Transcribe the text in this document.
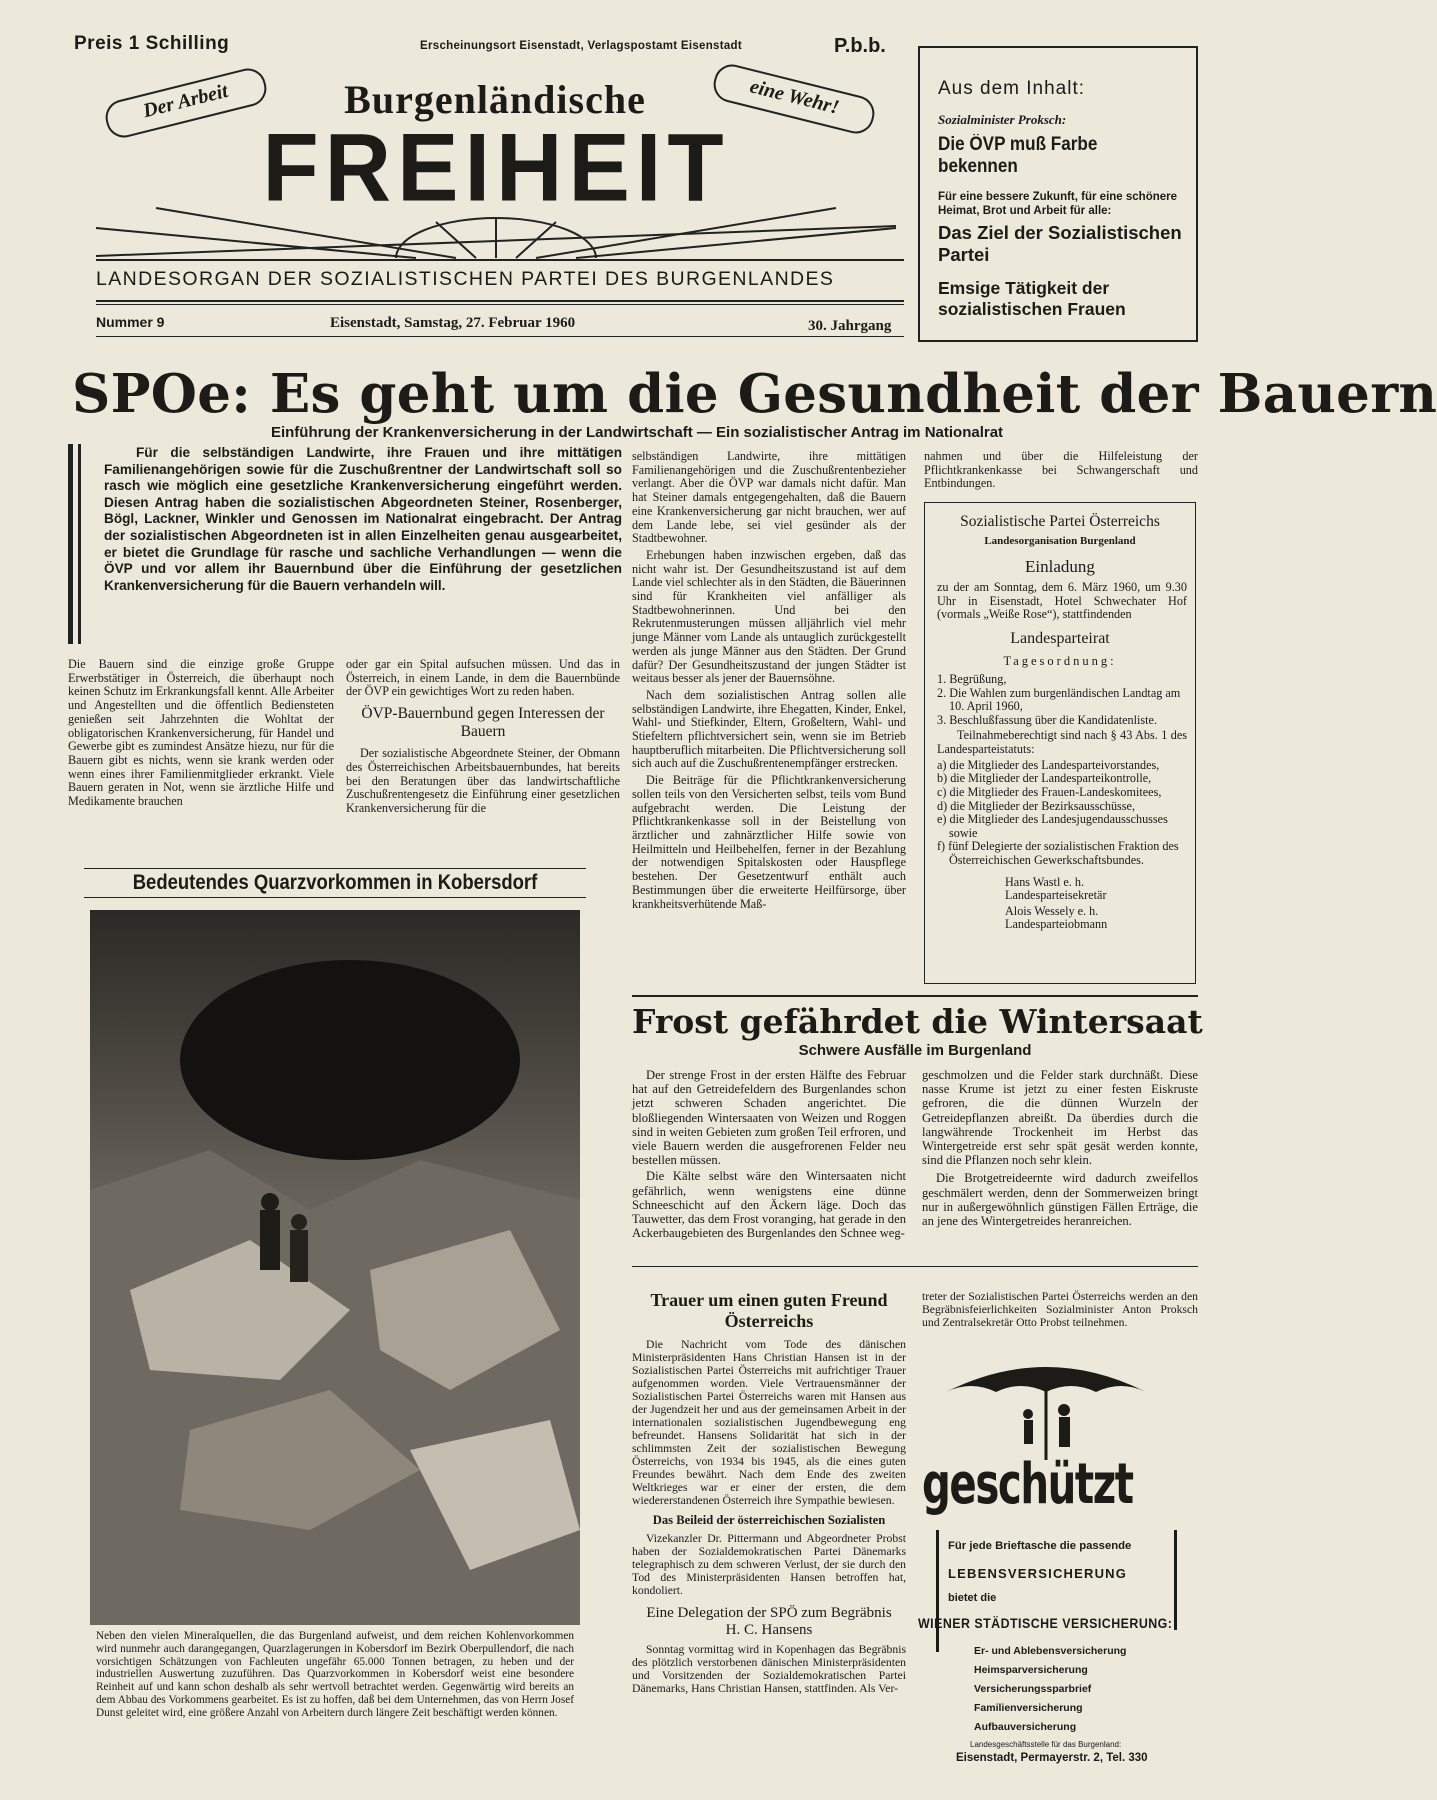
Preis 1 Schilling	Erscheinungsort Eisenstadt, Verlagspostamt Eisenstadt	P.b.b.
Der Arbeit	eine Wehr!
Burgenländische
FREIHEIT
LANDESORGAN DER SOZIALISTISCHEN PARTEI DES BURGENLANDES
Nummer 9	Eisenstadt, Samstag, 27. Februar 1960	30. Jahrgang
Aus dem Inhalt:
Sozialminister Proksch:
Die ÖVP muß Farbe bekennen
Für eine bessere Zukunft, für eine schönere Heimat, Brot und Arbeit für alle:
Das Ziel der Sozialistischen Partei
Emsige Tätigkeit der sozialistischen Frauen
SPOe: Es geht um die Gesundheit der Bauern
Einführung der Krankenversicherung in der Landwirtschaft — Ein sozialistischer Antrag im Nationalrat
Für die selbständigen Landwirte, ihre Frauen und ihre mittätigen Familienangehörigen sowie für die Zuschußrentner der Landwirtschaft soll so rasch wie möglich eine gesetzliche Krankenversicherung eingeführt werden. Diesen Antrag haben die sozialistischen Abgeordneten Steiner, Rosenberger, Bögl, Lackner, Winkler und Genossen im Nationalrat eingebracht. Der Antrag der sozialistischen Abgeordneten ist in allen Einzelheiten genau ausgearbeitet, er bietet die Grundlage für rasche und sachliche Verhandlungen — wenn die ÖVP und vor allem ihr Bauernbund über die Einführung der gesetzlichen Krankenversicherung für die Bauern verhandeln will.
Die Bauern sind die einzige große Gruppe Erwerbstätiger in Österreich, die überhaupt noch keinen Schutz im Erkrankungsfall kennt. Alle Arbeiter und Angestellten und die öffentlich Bediensteten genießen seit Jahrzehnten die Wohltat der obligatorischen Krankenversicherung, für Handel und Gewerbe gibt es zumindest Ansätze hiezu, nur für die Bauern gibt es nichts, wenn sie krank werden oder wenn eines ihrer Familienmitglieder erkrankt. Viele Bauern geraten in Not, wenn sie ärztliche Hilfe und Medikamente brauchen
oder gar ein Spital aufsuchen müssen. Und das in Österreich, in einem Lande, in dem die Bauernbünde der ÖVP ein gewichtiges Wort zu reden haben.
ÖVP-Bauernbund gegen Interessen der Bauern
Der sozialistische Abgeordnete Steiner, der Obmann des Österreichischen Arbeitsbauernbundes, hat bereits bei den Beratungen über das landwirtschaftliche Zuschußrentengesetz die Einführung einer gesetzlichen Krankenversicherung für die
selbständigen Landwirte, ihre mittätigen Familienangehörigen und die Zuschußrentenbezieher verlangt. Aber die ÖVP war damals nicht dafür. Man hat Steiner damals entgegengehalten, daß die Bauern eine Krankenversicherung gar nicht brauchen, wer auf dem Lande lebe, sei viel gesünder als der Stadtbewohner.
Erhebungen haben inzwischen ergeben, daß das nicht wahr ist. Der Gesundheitszustand ist auf dem Lande viel schlechter als in den Städten, die Bäuerinnen sind für Krankheiten viel anfälliger als Stadtbewohnerinnen. Und bei den Rekrutenmusterungen müssen alljährlich viel mehr junge Männer vom Lande als untauglich zurückgestellt werden als junge Männer aus den Städten. Der Grund dafür? Der Gesundheitszustand der jungen Städter ist weitaus besser als jener der Bauernsöhne.
Nach dem sozialistischen Antrag sollen alle selbständigen Landwirte, ihre Ehegatten, Kinder, Enkel, Wahl- und Stiefkinder, Eltern, Großeltern, Wahl- und Stiefeltern pflichtversichert sein, wenn sie im Betrieb hauptberuflich mitarbeiten. Die Pflichtversicherung soll sich auch auf die Zuschußrentenempfänger erstrecken.
Die Beiträge für die Pflichtkrankenversicherung sollen teils von den Versicherten selbst, teils vom Bund aufgebracht werden. Die Leistung der Pflichtkrankenkasse soll in der Beistellung von ärztlicher und zahnärztlicher Hilfe sowie von Heilmitteln und Heilbehelfen, ferner in der Bezahlung der notwendigen Spitalskosten oder Hauspflege bestehen. Der Gesetzentwurf enthält auch Bestimmungen über die erweiterte Heilfürsorge, über krankheitsverhütende Maß-
nahmen und über die Hilfeleistung der Pflichtkrankenkasse bei Schwangerschaft und Entbindungen.
Sozialistische Partei Österreichs
Landesorganisation Burgenland
Einladung
zu der am Sonntag, dem 6. März 1960, um 9.30 Uhr in Eisenstadt, Hotel Schwechater Hof (vormals „Weiße Rose“), stattfindenden
Landesparteirat
Tagesordnung:
1. Begrüßung,
2. Die Wahlen zum burgenländischen Landtag am 10. April 1960,
3. Beschlußfassung über die Kandidatenliste.
Teilnahmeberechtigt sind nach § 43 Abs. 1 des Landesparteistatuts:
a) die Mitglieder des Landesparteivorstandes,
b) die Mitglieder der Landesparteikontrolle,
c) die Mitglieder des Frauen-Landeskomitees,
d) die Mitglieder der Bezirksausschüsse,
e) die Mitglieder des Landesjugendausschusses sowie
f) fünf Delegierte der sozialistischen Fraktion des Österreichischen Gewerkschaftsbundes.
Hans Wastl e. h.
Landesparteisekretär
Alois Wessely e. h.
Landesparteiobmann
Bedeutendes Quarzvorkommen in Kobersdorf
Neben den vielen Mineralquellen, die das Burgenland aufweist, und dem reichen Kohlenvorkommen wird nunmehr auch darangegangen, Quarzlagerungen in Kobersdorf im Bezirk Oberpullendorf, die nach vorsichtigen Schätzungen von Fachleuten ungefähr 65.000 Tonnen betragen, zu heben und der industriellen Auswertung zuzuführen. Das Quarzvorkommen in Kobersdorf weist eine besondere Reinheit auf und kann schon deshalb als sehr wertvoll betrachtet werden. Gegenwärtig wird bereits an dem Abbau des Vorkommens gearbeitet. Es ist zu hoffen, daß bei dem Unternehmen, das von Herrn Josef Dunst geleitet wird, eine größere Anzahl von Arbeitern durch längere Zeit beschäftigt werden können.
Frost gefährdet die Wintersaat
Schwere Ausfälle im Burgenland
Der strenge Frost in der ersten Hälfte des Februar hat auf den Getreidefeldern des Burgenlandes schon jetzt schweren Schaden angerichtet. Die bloßliegenden Wintersaaten von Weizen und Roggen sind in weiten Gebieten zum großen Teil erfroren, und viele Bauern werden die ausgefrorenen Felder neu bestellen müssen.
Die Kälte selbst wäre den Wintersaaten nicht gefährlich, wenn wenigstens eine dünne Schneeschicht auf den Äckern läge. Doch das Tauwetter, das dem Frost voranging, hat gerade in den Ackerbaugebieten des Burgenlandes den Schnee weg-
geschmolzen und die Felder stark durchnäßt. Diese nasse Krume ist jetzt zu einer festen Eiskruste gefroren, die die dünnen Wurzeln der Getreidepflanzen abreißt. Da überdies durch die langwährende Trockenheit im Herbst das Wintergetreide erst sehr spät gesät werden konnte, sind die Pflanzen noch sehr klein.
Die Brotgetreideernte wird dadurch zweifellos geschmälert werden, denn der Sommerweizen bringt nur in außergewöhnlich günstigen Fällen Erträge, die an jene des Wintergetreides heranreichen.
Trauer um einen guten Freund Österreichs
Die Nachricht vom Tode des dänischen Ministerpräsidenten Hans Christian Hansen ist in der Sozialistischen Partei Österreichs mit aufrichtiger Trauer aufgenommen worden. Viele Vertrauensmänner der Sozialistischen Partei Österreichs waren mit Hansen aus der Jugendzeit her und aus der gemeinsamen Arbeit in der internationalen sozialistischen Jugendbewegung eng befreundet. Hansens Solidarität hat sich in der schlimmsten Zeit der sozialistischen Bewegung Österreichs, von 1934 bis 1945, als die eines guten Freundes bewährt. Nach dem Ende des zweiten Weltkrieges war er einer der ersten, die dem wiedererstandenen Österreich ihre Sympathie bewiesen.
Das Beileid der österreichischen Sozialisten
Vizekanzler Dr. Pittermann und Abgeordneter Probst haben der Sozialdemokratischen Partei Dänemarks telegraphisch zu dem schweren Verlust, der sie durch den Tod des Ministerpräsidenten Hansen betroffen hat, kondoliert.
Eine Delegation der SPÖ zum Begräbnis H. C. Hansens
Sonntag vormittag wird in Kopenhagen das Begräbnis des plötzlich verstorbenen dänischen Ministerpräsidenten und Vorsitzenden der Sozialdemokratischen Partei Dänemarks, Hans Christian Hansen, stattfinden. Als Ver-
treter der Sozialistischen Partei Österreichs werden an den Begräbnisfeierlichkeiten Sozialminister Anton Proksch und Zentralsekretär Otto Probst teilnehmen.
geschützt
Für jede Brieftasche die passende
LEBENSVERSICHERUNG
bietet die
WIENER STÄDTISCHE VERSICHERUNG:
Er- und Ablebensversicherung
Heimsparversicherung
Versicherungssparbrief
Familienversicherung
Aufbauversicherung
Landesgeschäftsstelle für das Burgenland:
Eisenstadt, Permayerstr. 2, Tel. 330
